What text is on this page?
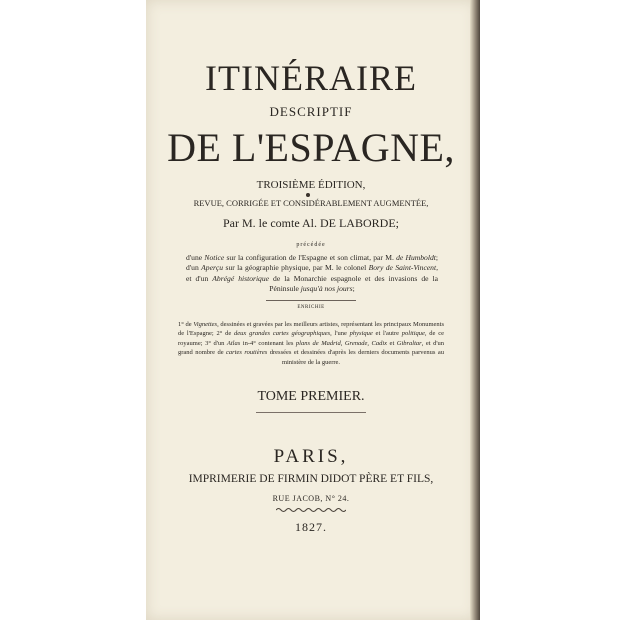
ITINÉRAIRE

DESCRIPTIF

DE L'ESPAGNE,

TROISIÈME ÉDITION,

REVUE, CORRIGÉE ET CONSIDÉRABLEMENT AUGMENTÉE,

Par M. le comte Al. DE LABORDE;

précédée

d'une Notice sur la configuration de l'Espagne et son climat, par M. de Humboldt; d'un Aperçu sur la géographie physique, par M. le colonel Bory de Saint-Vincent, et d'un Abrégé historique de la Monarchie espagnole et des invasions de la Péninsule jusqu'à nos jours;

ENRICHIE

1° de Vignettes, dessinées et gravées par les meilleurs artistes, représentant les principaux Monuments de l'Espagne; 2° de deux grandes cartes géographiques, l'une physique et l'autre politique, de ce royaume; 3° d'un Atlas in-4° contenant les plans de Madrid, Grenade, Cadix et Gibraltar, et d'un grand nombre de cartes routières dressées et dessinées d'après les derniers documents parvenus au ministère de la guerre.

TOME PREMIER.

PARIS,

IMPRIMERIE DE FIRMIN DIDOT PÈRE ET FILS,

RUE JACOB, N° 24.

1827.
